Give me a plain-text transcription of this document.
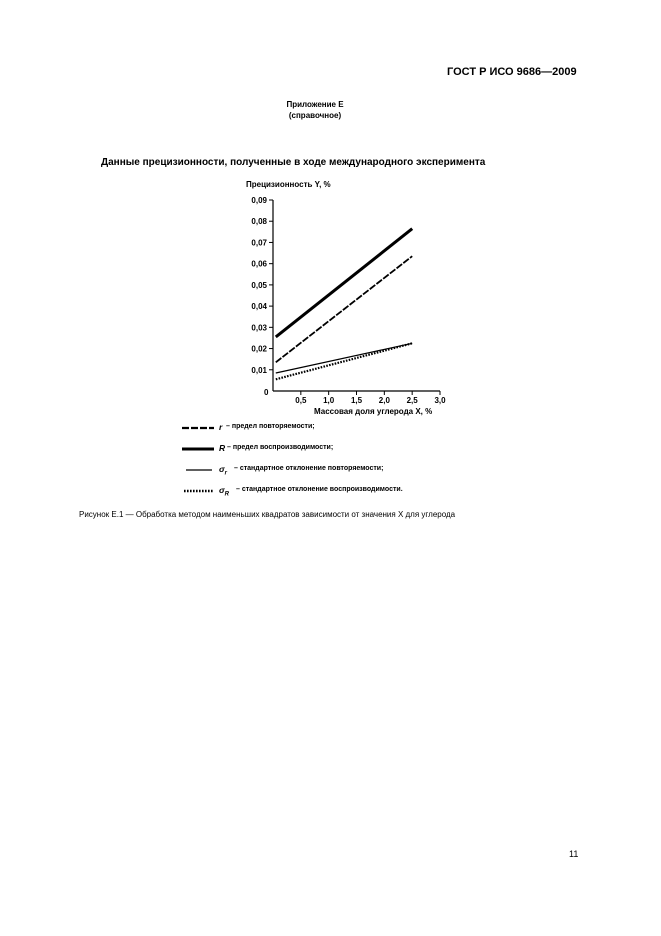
ГОСТ Р ИСО 9686—2009
Приложение Е
(справочное)
Данные прецизионности, полученные в ходе международного эксперимента
Прецизионность Y, %
Массовая доля углерода X, %
0
0,01
0,02
0,03
0,04
0,05
0,06
0,07
0,08
0,09
0,5 1,0 1,5 2,0 2,5 3,0
r – предел повторяемости;
R – предел воспроизводимости;
$\sigma_r$
– стандартное отклонение повторяемости;
$\sigma_R$
– стандартное отклонение воспроизводимости.
Рисунок Е.1 — Обработка методом наименьших квадратов зависимости от значения X для углерода
11
